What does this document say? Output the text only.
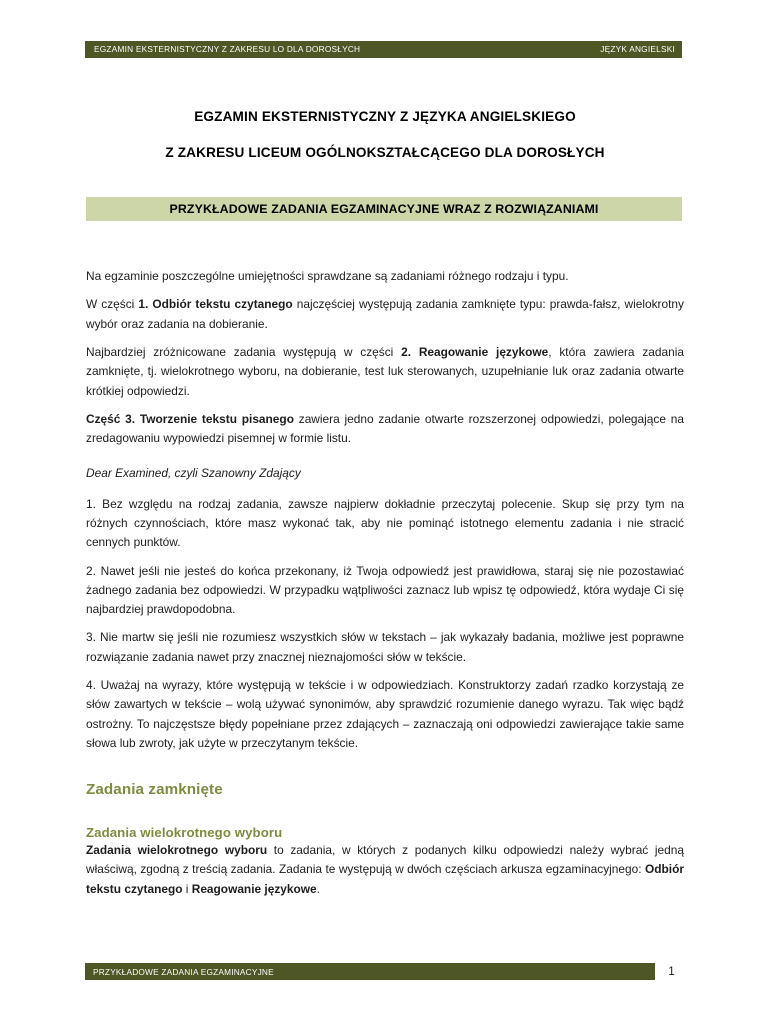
EGZAMIN EKSTERNISTYCZNY Z ZAKRESU LO DLA DOROSŁYCH	JĘZYK ANGIELSKI
EGZAMIN EKSTERNISTYCZNY Z JĘZYKA ANGIELSKIEGO
Z ZAKRESU LICEUM OGÓLNOKSZTAŁCĄCEGO DLA DOROSŁYCH
PRZYKŁADOWE ZADANIA EGZAMINACYJNE WRAZ Z ROZWIĄZANIAMI

Na egzaminie poszczególne umiejętności sprawdzane są zadaniami różnego rodzaju i typu.

W części 1. Odbiór tekstu czytanego najczęściej występują zadania zamknięte typu: prawda-fałsz, wielokrotny wybór oraz zadania na dobieranie.

Najbardziej zróżnicowane zadania występują w części 2. Reagowanie językowe, która zawiera zadania zamknięte, tj. wielokrotnego wyboru, na dobieranie, test luk sterowanych, uzupełnianie luk oraz zadania otwarte krótkiej odpowiedzi.

Część 3. Tworzenie tekstu pisanego zawiera jedno zadanie otwarte rozszerzonej odpowiedzi, polegające na zredagowaniu wypowiedzi pisemnej w formie listu.

Dear Examined, czyli Szanowny Zdający

1. Bez względu na rodzaj zadania, zawsze najpierw dokładnie przeczytaj polecenie. Skup się przy tym na różnych czynnościach, które masz wykonać tak, aby nie pominąć istotnego elementu zadania i nie stracić cennych punktów.

2. Nawet jeśli nie jesteś do końca przekonany, iż Twoja odpowiedź jest prawidłowa, staraj się nie pozostawiać żadnego zadania bez odpowiedzi. W przypadku wątpliwości zaznacz lub wpisz tę odpowiedź, która wydaje Ci się najbardziej prawdopodobna.

3. Nie martw się jeśli nie rozumiesz wszystkich słów w tekstach – jak wykazały badania, możliwe jest poprawne rozwiązanie zadania nawet przy znacznej nieznajomości słów w tekście.

4. Uważaj na wyrazy, które występują w tekście i w odpowiedziach. Konstruktorzy zadań rzadko korzystają ze słów zawartych w tekście – wolą używać synonimów, aby sprawdzić rozumienie danego wyrazu. Tak więc bądź ostrożny. To najczęstsze błędy popełniane przez zdających – zaznaczają oni odpowiedzi zawierające takie same słowa lub zwroty, jak użyte w przeczytanym tekście.

Zadania zamknięte
Zadania wielokrotnego wyboru

Zadania wielokrotnego wyboru to zadania, w których z podanych kilku odpowiedzi należy wybrać jedną właściwą, zgodną z treścią zadania. Zadania te występują w dwóch częściach arkusza egzaminacyjnego: Odbiór tekstu czytanego i Reagowanie językowe.

PRZYKŁADOWE ZADANIA EGZAMINACYJNE	1
